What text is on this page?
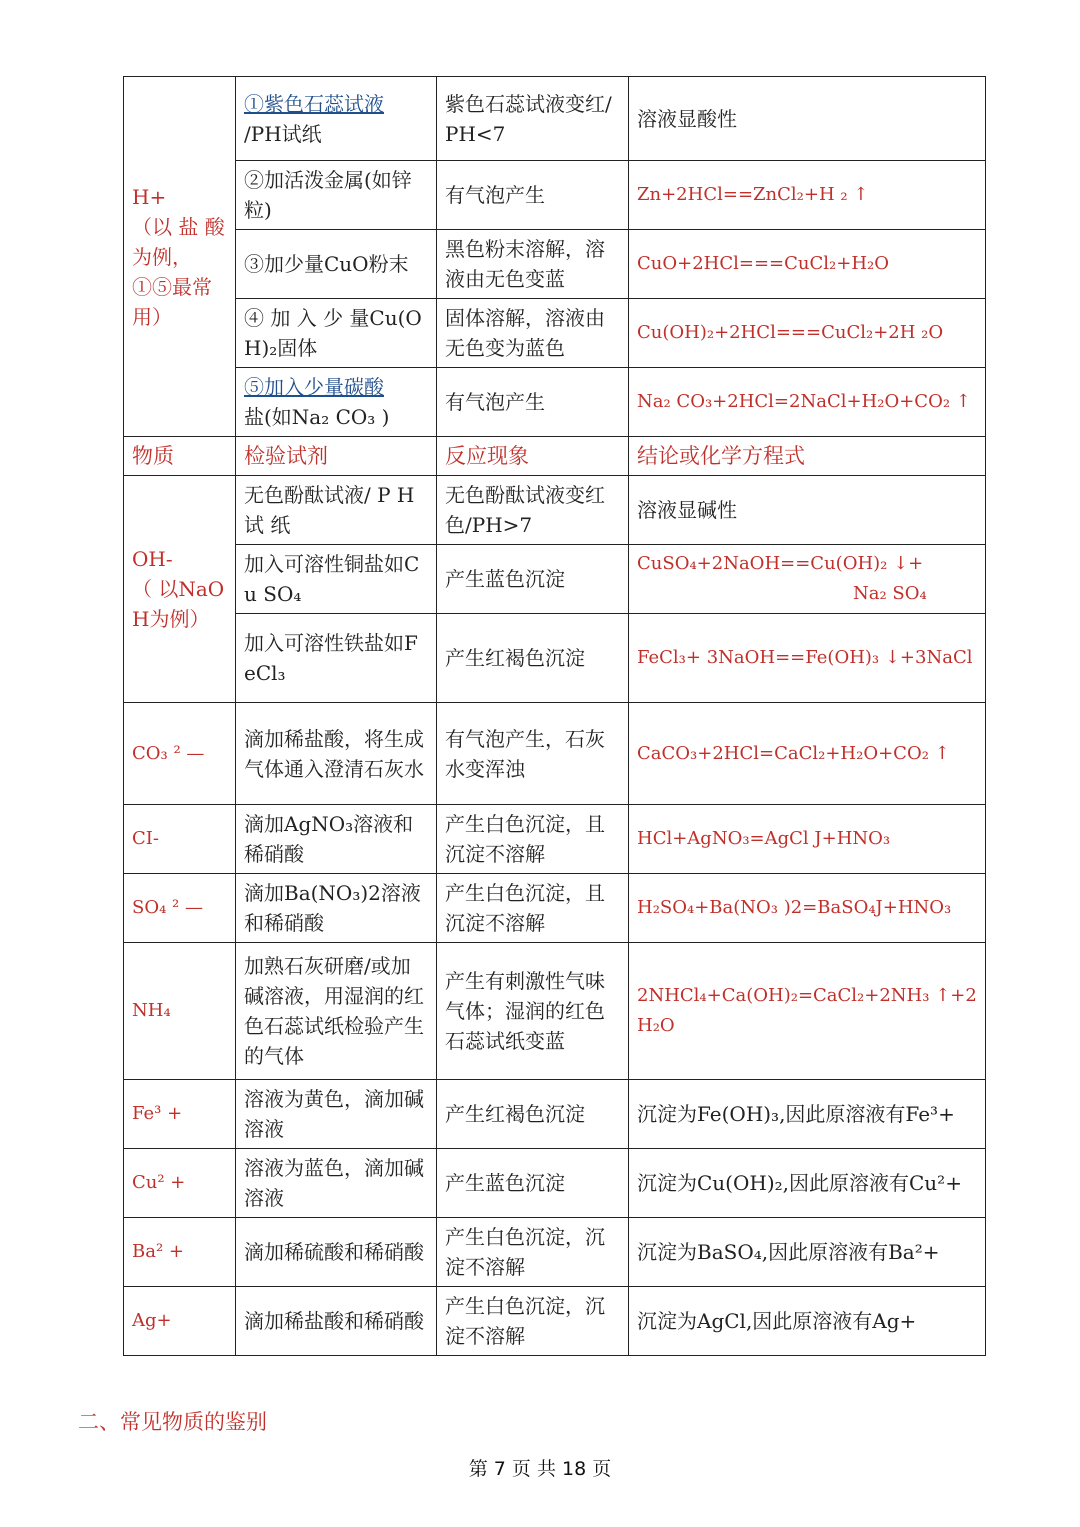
H+
（以 盐 酸为例，
①⑤最常用）	①紫色石蕊试液
/PH试纸	紫色石蕊试液变红/PH<7	溶液显酸性
	②加活泼金属(如锌粒)	有气泡产生	Zn+2HCl==ZnCl₂+H ₂ ↑
	③加少量CuO粉末	黑色粉末溶解，溶液由无色变蓝	CuO+2HCl===CuCl₂+H₂O
	④ 加 入 少 量Cu(OH)₂固体	固体溶解，溶液由无色变为蓝色	Cu(OH)₂+2HCl===CuCl₂+2H ₂O
	⑤加入少量碳酸
盐(如Na₂ CO₃ )	有气泡产生	Na₂ CO₃+2HCl=2NaCl+H₂O+CO₂ ↑
物质	检验试剂	反应现象	结论或化学方程式
OH-
（ 以NaOH为例）	无色酚酞试液/ P H 试 纸	无色酚酞试液变红色/PH>7	溶液显碱性
	加入可溶性铜盐如Cu SO₄	产生蓝色沉淀	CuSO₄+2NaOH==Cu(OH)₂ ↓+
Na₂ SO₄
	加入可溶性铁盐如FeCl₃	产生红褐色沉淀	FeCl₃+ 3NaOH==Fe(OH)₃ ↓+3NaCl
CO₃ ² —	滴加稀盐酸，将生成气体通入澄清石灰水	有气泡产生，石灰水变浑浊	CaCO₃+2HCl=CaCl₂+H₂O+CO₂ ↑
CI-	滴加AgNO₃溶液和稀硝酸	产生白色沉淀，且沉淀不溶解	HCl+AgNO₃=AgCl J+HNO₃
SO₄ ² —	滴加Ba(NO₃)2溶液和稀硝酸	产生白色沉淀，且沉淀不溶解	H₂SO₄+Ba(NO₃ )2=BaSO₄J+HNO₃
NH₄	加熟石灰研磨/或加碱溶液，用湿润的红色石蕊试纸检验产生的气体	产生有刺激性气味气体；湿润的红色石蕊试纸变蓝	2NHCl₄+Ca(OH)₂=CaCl₂+2NH₃ ↑+2H₂O
Fe³ +	溶液为黄色，滴加碱溶液	产生红褐色沉淀	沉淀为Fe(OH)₃,因此原溶液有Fe³+
Cu² +	溶液为蓝色，滴加碱溶液	产生蓝色沉淀	沉淀为Cu(OH)₂,因此原溶液有Cu²+
Ba² +	滴加稀硫酸和稀硝酸	产生白色沉淀，沉淀不溶解	沉淀为BaSO₄,因此原溶液有Ba²+
Ag+	滴加稀盐酸和稀硝酸	产生白色沉淀，沉淀不溶解	沉淀为AgCl,因此原溶液有Ag+
二、常见物质的鉴别
第 7 页 共 18 页
